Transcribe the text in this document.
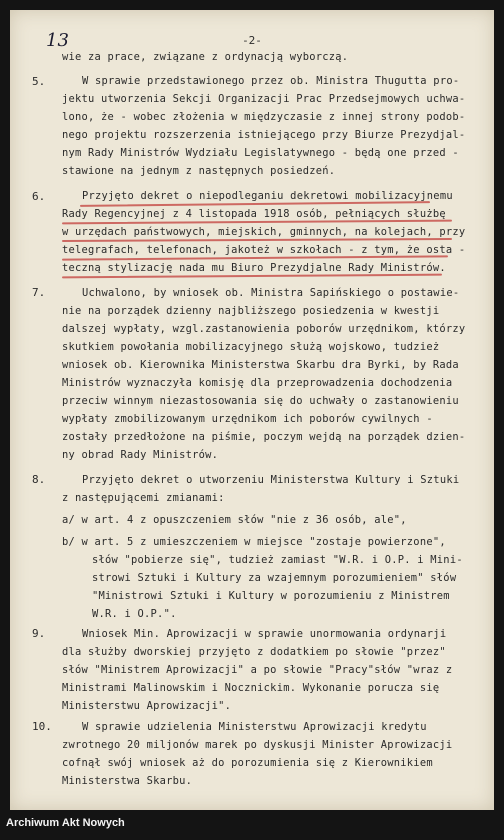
13	-2-
5.
6.
7.
8.
9.
10.
wie za prace, związane z ordynacją wyborczą.
W sprawie przedstawionego przez ob. Ministra Thugutta pro-
jektu utworzenia Sekcji Organizacji Prac Przedsejmowych uchwa-
lono, że - wobec złożenia w międzyczasie z innej strony podob-
nego projektu rozszerzenia istniejącego przy Biurze Prezydjal-
nym Rady Ministrów Wydziału Legislatywnego - będą one przed -
stawione na jednym z następnych posiedzeń.
Przyjęto dekret o niepodleganiu dekretowi mobilizacyjnemu
Rady Regencyjnej z 4 listopada 1918 osób, pełniących służbę
w urzędach państwowych, miejskich, gminnych, na kolejach, przy
telegrafach, telefonach, jakoteż w szkołach - z tym, że osta -
teczną stylizację nada mu Biuro Prezydjalne Rady Ministrów.
Uchwalono, by wniosek ob. Ministra Sapińskiego o postawie-
nie na porządek dzienny najbliższego posiedzenia w kwestji
dalszej wypłaty, wzgl.zastanowienia poborów urzędnikom, którzy
skutkiem powołania mobilizacyjnego służą wojskowo, tudzież
wniosek ob. Kierownika Ministerstwa Skarbu dra Byrki, by Rada
Ministrów wyznaczyła komisję dla przeprowadzenia dochodzenia
przeciw winnym niezastosowania się do uchwały o zastanowieniu
wypłaty zmobilizowanym urzędnikom ich poborów cywilnych -
zostały przedłożone na piśmie, poczym wejdą na porządek dzien-
ny obrad Rady Ministrów.
Przyjęto dekret o utworzeniu Ministerstwa Kultury i Sztuki
z następującemi zmianami:
a/ w art. 4 z opuszczeniem słów "nie z 36 osób, ale",
b/ w art. 5 z umieszczeniem w miejsce "zostaje powierzone",
słów "pobierze się", tudzież zamiast "W.R. i O.P. i Mini-
strowi Sztuki i Kultury za wzajemnym porozumieniem" słów
"Ministrowi Sztuki i Kultury w porozumieniu z Ministrem
W.R. i O.P.".
Wniosek Min. Aprowizacji w sprawie unormowania ordynarji
dla służby dworskiej przyjęto z dodatkiem po słowie "przez"
słów "Ministrem Aprowizacji" a po słowie "Pracy"słów "wraz z
Ministrami Malinowskim i Nocznickim. Wykonanie porucza się
Ministerstwu Aprowizacji".
W sprawie udzielenia Ministerstwu Aprowizacji kredytu
zwrotnego 20 miljonów marek po dyskusji Minister Aprowizacji
cofnął swój wniosek aż do porozumienia się z Kierownikiem
Ministerstwa Skarbu.
Archiwum Akt Nowych
